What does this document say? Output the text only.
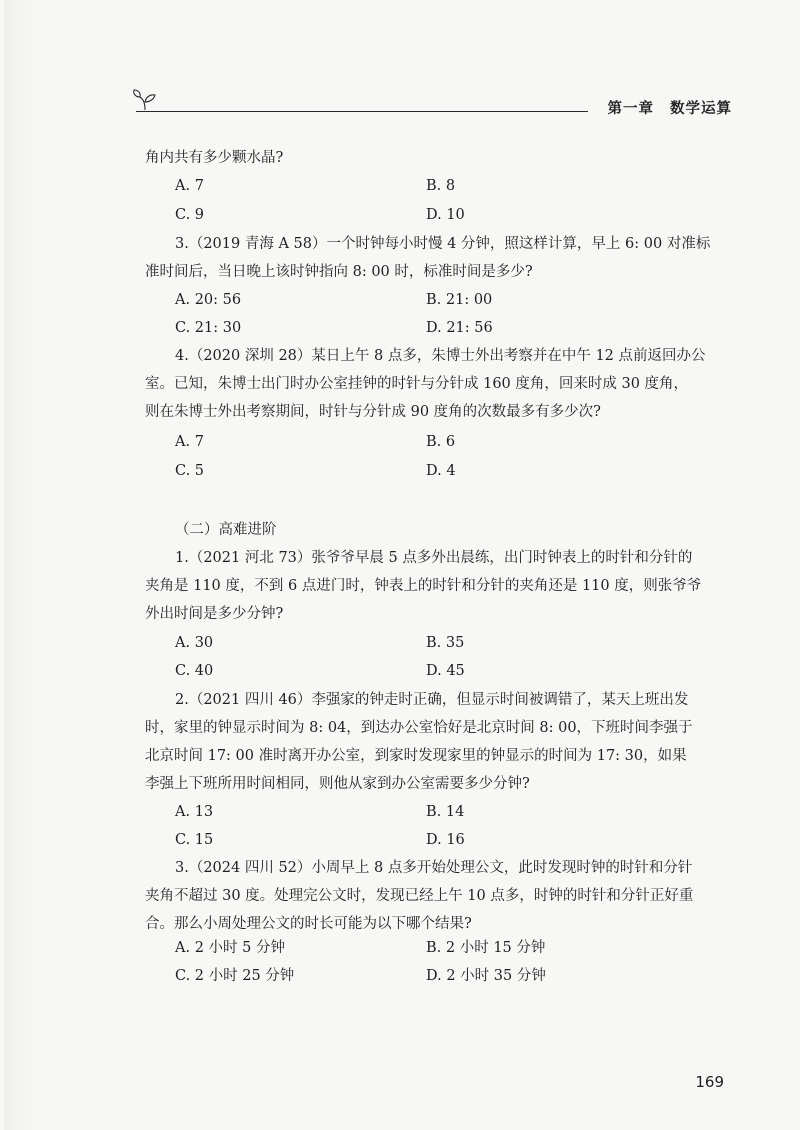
第一章 数学运算
角内共有多少颗水晶?
A. 7	B. 8
C. 9	D. 10
3.（2019 青海 A 58）一个时钟每小时慢 4 分钟，照这样计算，早上 6: 00 对准标
准时间后，当日晚上该时钟指向 8: 00 时，标准时间是多少?
A. 20: 56	B. 21: 00
C. 21: 30	D. 21: 56
4.（2020 深圳 28）某日上午 8 点多，朱博士外出考察并在中午 12 点前返回办公
室。已知，朱博士出门时办公室挂钟的时针与分针成 160 度角，回来时成 30 度角，
则在朱博士外出考察期间，时针与分针成 90 度角的次数最多有多少次?
A. 7	B. 6
C. 5	D. 4
（二）高难进阶
1.（2021 河北 73）张爷爷早晨 5 点多外出晨练，出门时钟表上的时针和分针的
夹角是 110 度，不到 6 点进门时，钟表上的时针和分针的夹角还是 110 度，则张爷爷
外出时间是多少分钟?
A. 30	B. 35
C. 40	D. 45
2.（2021 四川 46）李强家的钟走时正确，但显示时间被调错了，某天上班出发
时，家里的钟显示时间为 8: 04，到达办公室恰好是北京时间 8: 00，下班时间李强于
北京时间 17: 00 准时离开办公室，到家时发现家里的钟显示的时间为 17: 30，如果
李强上下班所用时间相同，则他从家到办公室需要多少分钟?
A. 13	B. 14
C. 15	D. 16
3.（2024 四川 52）小周早上 8 点多开始处理公文，此时发现时钟的时针和分针
夹角不超过 30 度。处理完公文时，发现已经上午 10 点多，时钟的时针和分针正好重
合。那么小周处理公文的时长可能为以下哪个结果?
A. 2 小时 5 分钟	B. 2 小时 15 分钟
C. 2 小时 25 分钟	D. 2 小时 35 分钟
169
